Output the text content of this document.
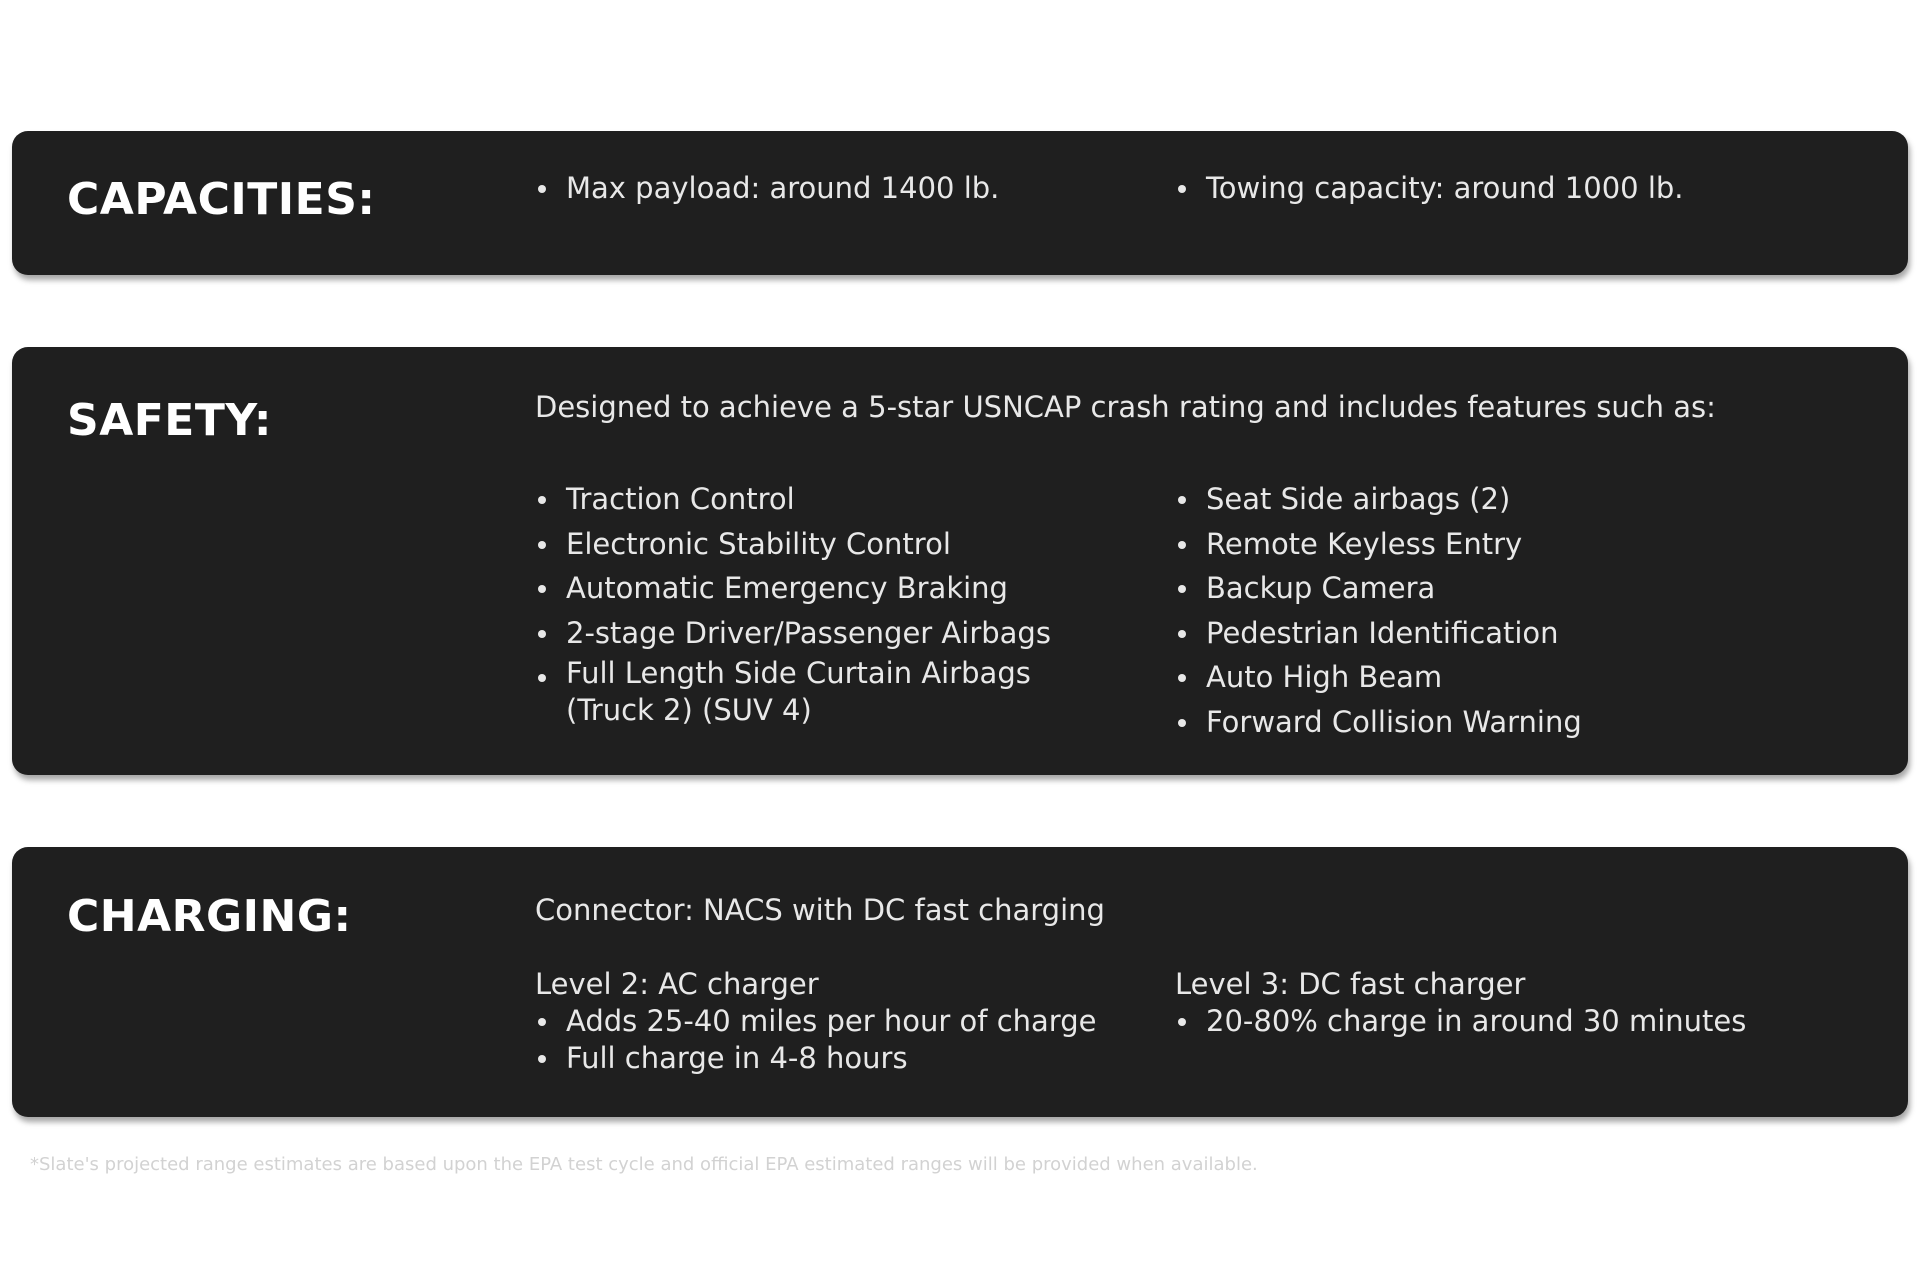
CAPACITIES:	Max payload: around 1400 lb.	Towing capacity: around 1000 lb.
SAFETY:	Designed to achieve a 5-star USNCAP crash rating and includes features such as:
Traction Control
Electronic Stability Control
Automatic Emergency Braking
2-stage Driver/Passenger Airbags
Full Length Side Curtain Airbags (Truck 2) (SUV 4)
Seat Side airbags (2)
Remote Keyless Entry
Backup Camera
Pedestrian Identification
Auto High Beam
Forward Collision Warning
CHARGING:	Connector: NACS with DC fast charging
Level 2: AC charger
Adds 25-40 miles per hour of charge
Full charge in 4-8 hours
Level 3: DC fast charger
20-80% charge in around 30 minutes
*Slate's projected range estimates are based upon the EPA test cycle and official EPA estimated ranges will be provided when available.
